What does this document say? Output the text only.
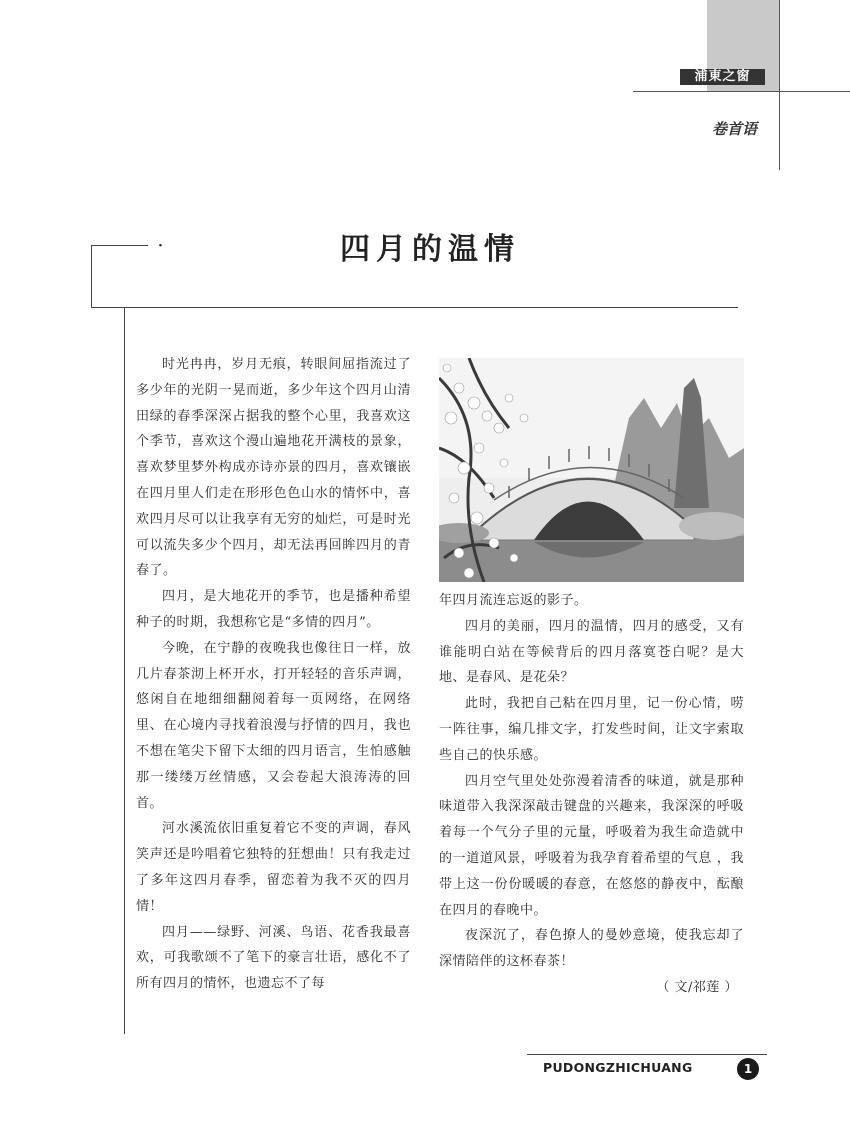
浦東之窗
卷首语
·	四月的温情

时光冉冉，岁月无痕，转眼间屈指流过了多少年的光阴一晃而逝，多少年这个四月山清田绿的春季深深占据我的整个心里，我喜欢这个季节，喜欢这个漫山遍地花开满枝的景象，喜欢梦里梦外构成亦诗亦景的四月，喜欢镶嵌在四月里人们走在形形色色山水的情怀中，喜欢四月尽可以让我享有无穷的灿烂，可是时光可以流失多少个四月，却无法再回眸四月的青春了。

四月，是大地花开的季节，也是播种希望种子的时期，我想称它是“多情的四月”。

今晚，在宁静的夜晚我也像往日一样，放几片春茶沏上杯开水，打开轻轻的音乐声调，悠闲自在地细细翻阅着每一页网络，在网络里、在心境内寻找着浪漫与抒情的四月，我也不想在笔尖下留下太细的四月语言，生怕感触那一缕缕万丝情感，又会卷起大浪涛涛的回首。

河水溪流依旧重复着它不变的声调，春风笑声还是吟唱着它独特的狂想曲！只有我走过了多年这四月春季，留恋着为我不灭的四月情！

四月——绿野、河溪、鸟语、花香我最喜欢，可我歌颂不了笔下的豪言壮语，感化不了所有四月的情怀，也遗忘不了每

年四月流连忘返的影子。

四月的美丽，四月的温情，四月的感受，又有谁能明白站在等候背后的四月落寞苍白呢？是大地、是春风、是花朵？

此时，我把自己粘在四月里，记一份心情，唠一阵往事，编几排文字，打发些时间，让文字索取些自己的快乐感。

四月空气里处处弥漫着清香的味道，就是那种味道带入我深深敲击键盘的兴趣来，我深深的呼吸着每一个气分子里的元量，呼吸着为我生命造就中的一道道风景，呼吸着为我孕育着希望的气息 ，我带上这一份份暖暖的春意，在悠悠的静夜中，酝酿在四月的春晚中。

夜深沉了，春色撩人的曼妙意境，使我忘却了深情陪伴的这杯春茶！

（ 文/祁莲 ）

PUDONGZHICHUANG	1
